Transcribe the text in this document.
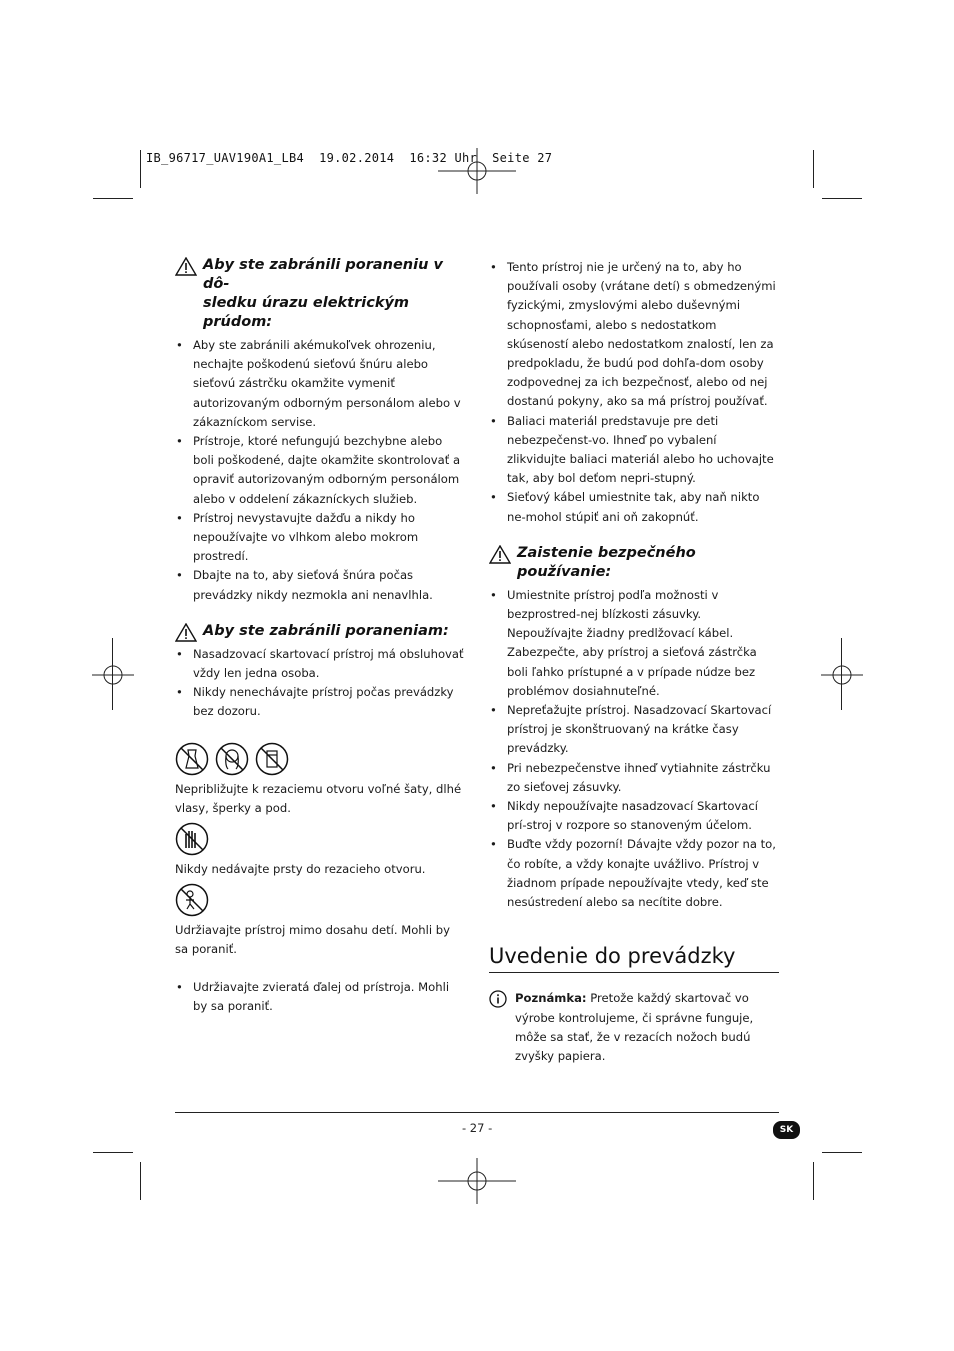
IB_96717_UAV190A1_LB4  19.02.2014  16:32 Uhr  Seite 27
Aby ste zabránili poraneniu v dô-
sledku úrazu elektrickým prúdom:
• Aby ste zabránili akémukoľvek ohrozeniu, nechajte poškodenú sieťovú šnúru alebo sieťovú zástrčku okamžite vymeniť autorizovaným odborným personálom alebo v zákazníckom servise.
• Prístroje, ktoré nefungujú bezchybne alebo boli poškodené, dajte okamžite skontrolovať a opraviť autorizovaným odborným personálom alebo v oddelení zákazníckych služieb.
• Prístroj nevystavujte dažďu a nikdy ho nepoužívajte vo vlhkom alebo mokrom prostredí.
• Dbajte na to, aby sieťová šnúra počas prevádzky nikdy nezmokla ani nenavlhla.
Aby ste zabránili poraneniam:
• Nasadzovací skartovací prístroj má obsluhovať vždy len jedna osoba.
• Nikdy nenechávajte prístroj počas prevádzky bez dozoru.

Nepribližujte k rezaciemu otvoru voľné šaty, dlhé vlasy, šperky a pod.

Nikdy nedávajte prsty do rezacieho otvoru.

Udržiavajte prístroj mimo dosahu detí. Mohli by sa poraniť.

• Udržiavajte zvieratá ďalej od prístroja. Mohli by sa poraniť.
• Tento prístroj nie je určený na to, aby ho používali osoby (vrátane detí) s obmedzenými fyzickými, zmyslovými alebo duševnými schopnosťami, alebo s nedostatkom skúseností alebo nedostatkom znalostí, len za predpokladu, že budú pod dohľa-dom osoby zodpovednej za ich bezpečnosť, alebo od nej dostanú pokyny, ako sa má prístroj používať.
• Baliaci materiál predstavuje pre deti nebezpečenst-vo. Ihneď po vybalení zlikvidujte baliaci materiál alebo ho uchovajte tak, aby bol deťom nepri-stupný.
• Sieťový kábel umiestnite tak, aby naň nikto ne-mohol stúpiť ani oň zakopnúť.
Zaistenie bezpečného používanie:
• Umiestnite prístroj podľa možnosti v bezprostred-nej blízkosti zásuvky. Nepoužívajte žiadny predlžovací kábel. Zabezpečte, aby prístroj a sieťová zástrčka boli ľahko prístupné a v prípade núdze bez problémov dosiahnuteľné.
• Nepreťažujte prístroj. Nasadzovací Skartovací prístroj je skonštruovaný na krátke časy prevádzky.
• Pri nebezpečenstve ihneď vytiahnite zástrčku zo sieťovej zásuvky.
• Nikdy nepoužívajte nasadzovací Skartovací prí-stroj v rozpore so stanoveným účelom.
• Buďte vždy pozorní! Dávajte vždy pozor na to, čo robíte, a vždy konajte uvážlivo. Prístroj v žiadnom prípade nepoužívajte vtedy, keď ste nesústredení alebo sa necítite dobre.
Uvedenie do prevádzky
Poznámka: Pretože každý skartovač vo výrobe kontrolujeme, či správne funguje, môže sa stať, že v rezacích nožoch budú zvyšky papiera.
- 27 -	SK
